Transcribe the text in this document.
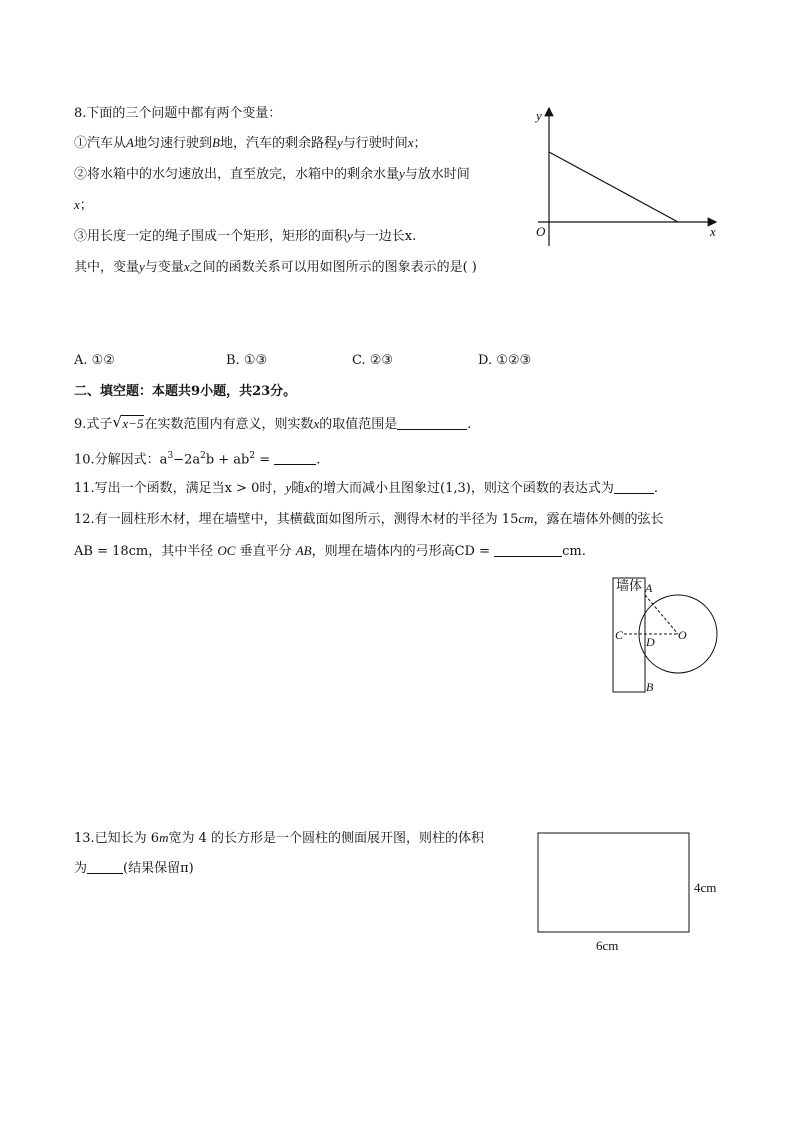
8.下面的三个问题中都有两个变量：
①汽车从A地匀速行驶到B地，汽车的剩余路程y与行驶时间x；
②将水箱中的水匀速放出，直至放完，水箱中的剩余水量y与放水时间
x；
③用长度一定的绳子围成一个矩形，矩形的面积y与一边长x.
其中，变量y与变量x之间的函数关系可以用如图所示的图象表示的是( )
y
x
O
A. ①②	B. ①③	C. ②③	D. ①②③
二、填空题：本题共9小题，共23分。
9.式子 √ x−5在实数范围内有意义，则实数x的取值范围是	.
10.分解因式：$a^3-2a^2b + ab^2$ =	.
11.写出一个函数，满足当x > 0时，y随x的增大而减小且图象过(1,3)，则这个函数的表达式为	.
12.有一圆柱形木材，埋在墙壁中，其横截面如图所示，测得木材的半径为 15cm，露在墙体外侧的弦长
AB = 18cm，其中半径 OC 垂直平分 AB，则埋在墙体内的弓形高CD =	cm.
墙体 A
B
C D O
13.已知长为 6m宽为 4 的长方形是一个圆柱的侧面展开图，则柱的体积
为	(结果保留π)
4cm
6cm
